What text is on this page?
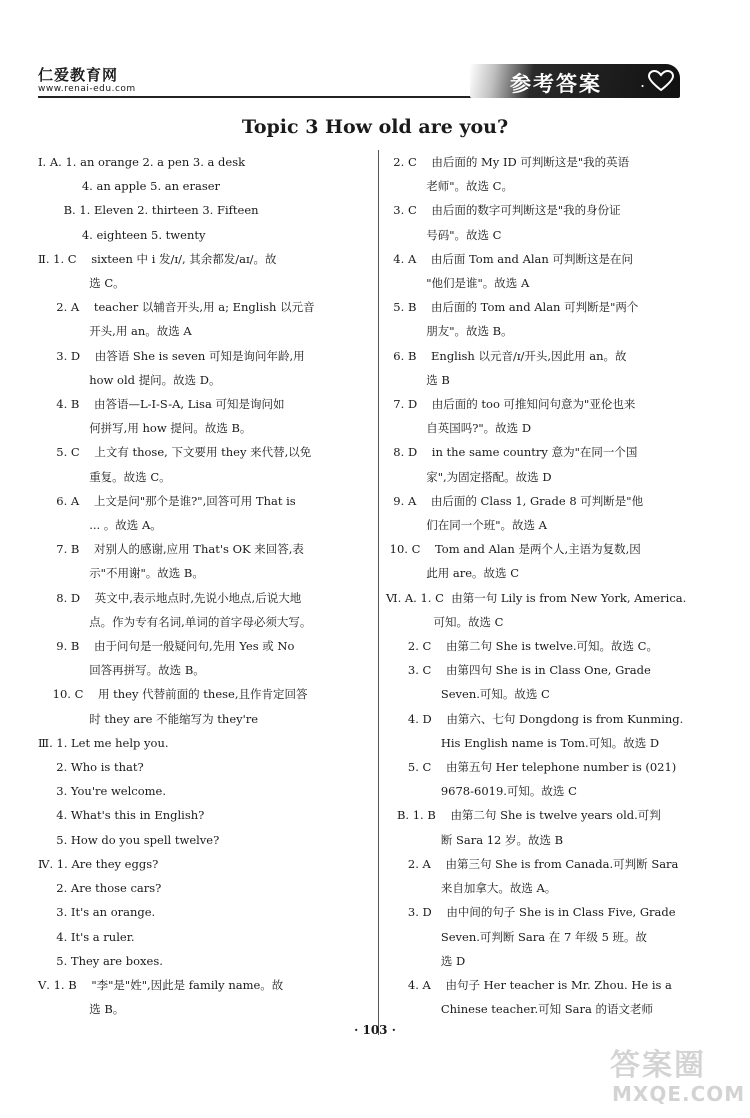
仁爱教育网
www.renai-edu.com	参考答案 .
Topic 3 How old are you?
Ⅰ. A. 1. an orange 2. a pen 3. a desk
4. an apple 5. an eraser
B. 1. Eleven 2. thirteen 3. Fifteen
4. eighteen 5. twenty
Ⅱ. 1. C sixteen 中 i 发/ɪ/, 其余都发/aɪ/。故

选 C。
2. A teacher 以辅音开头,用 a; English 以元音

开头,用 an。故选 A
3. D 由答语 She is seven 可知是询问年龄,用

how old 提问。故选 D。
4. B 由答语—L-I-S-A, Lisa 可知是询问如

何拼写,用 how 提问。故选 B。
5. C 上文有 those, 下文要用 they 来代替,以免

重复。故选 C。
6. A 上文是问"那个是谁?",回答可用 That is

... 。故选 A。
7. B 对别人的感谢,应用 That's OK 来回答,表

示"不用谢"。故选 B。
8. D 英文中,表示地点时,先说小地点,后说大地

点。作为专有名词,单词的首字母必须大写。
9. B 由于问句是一般疑问句,先用 Yes 或 No

回答再拼写。故选 B。
10. C 用 they 代替前面的 these,且作肯定回答

时 they are 不能缩写为 they're
Ⅲ. 1. Let me help you.
2. Who is that?
3. You're welcome.
4. What's this in English?
5. How do you spell twelve?
Ⅳ. 1. Are they eggs?
2. Are those cars?
3. It's an orange.
4. It's a ruler.
5. They are boxes.
Ⅴ. 1. B "李"是"姓",因此是 family name。故

选 B。
2. C 由后面的 My ID 可判断这是"我的英语

老师"。故选 C。
3. C 由后面的数字可判断这是"我的身份证

号码"。故选 C
4. A 由后面 Tom and Alan 可判断这是在问

"他们是谁"。故选 A
5. B 由后面的 Tom and Alan 可判断是"两个

朋友"。故选 B。
6. B English 以元音/ɪ/开头,因此用 an。故

选 B
7. D 由后面的 too 可推知问句意为"亚伦也来

自英国吗?"。故选 D
8. D in the same country 意为"在同一个国

家",为固定搭配。故选 D
9. A 由后面的 Class 1, Grade 8 可判断是"他

们在同一个班"。故选 A
10. C Tom and Alan 是两个人,主语为复数,因

此用 are。故选 C
Ⅵ. A. 1. C 由第一句 Lily is from New York, America.

可知。故选 C
2. C 由第二句 She is twelve.可知。故选 C。
3. C 由第四句 She is in Class One, Grade

Seven.可知。故选 C
4. D 由第六、七句 Dongdong is from Kunming.

His English name is Tom.可知。故选 D
5. C 由第五句 Her telephone number is (021)

9678-6019.可知。故选 C
B. 1. B 由第二句 She is twelve years old.可判

断 Sara 12 岁。故选 B
2. A 由第三句 She is from Canada.可判断 Sara

来自加拿大。故选 A。
3. D 由中间的句子 She is in Class Five, Grade

Seven.可判断 Sara 在 7 年级 5 班。故

选 D
4. A 由句子 Her teacher is Mr. Zhou. He is a

Chinese teacher.可知 Sara 的语文老师
· 103 ·
答案圈
MXQE.COM
